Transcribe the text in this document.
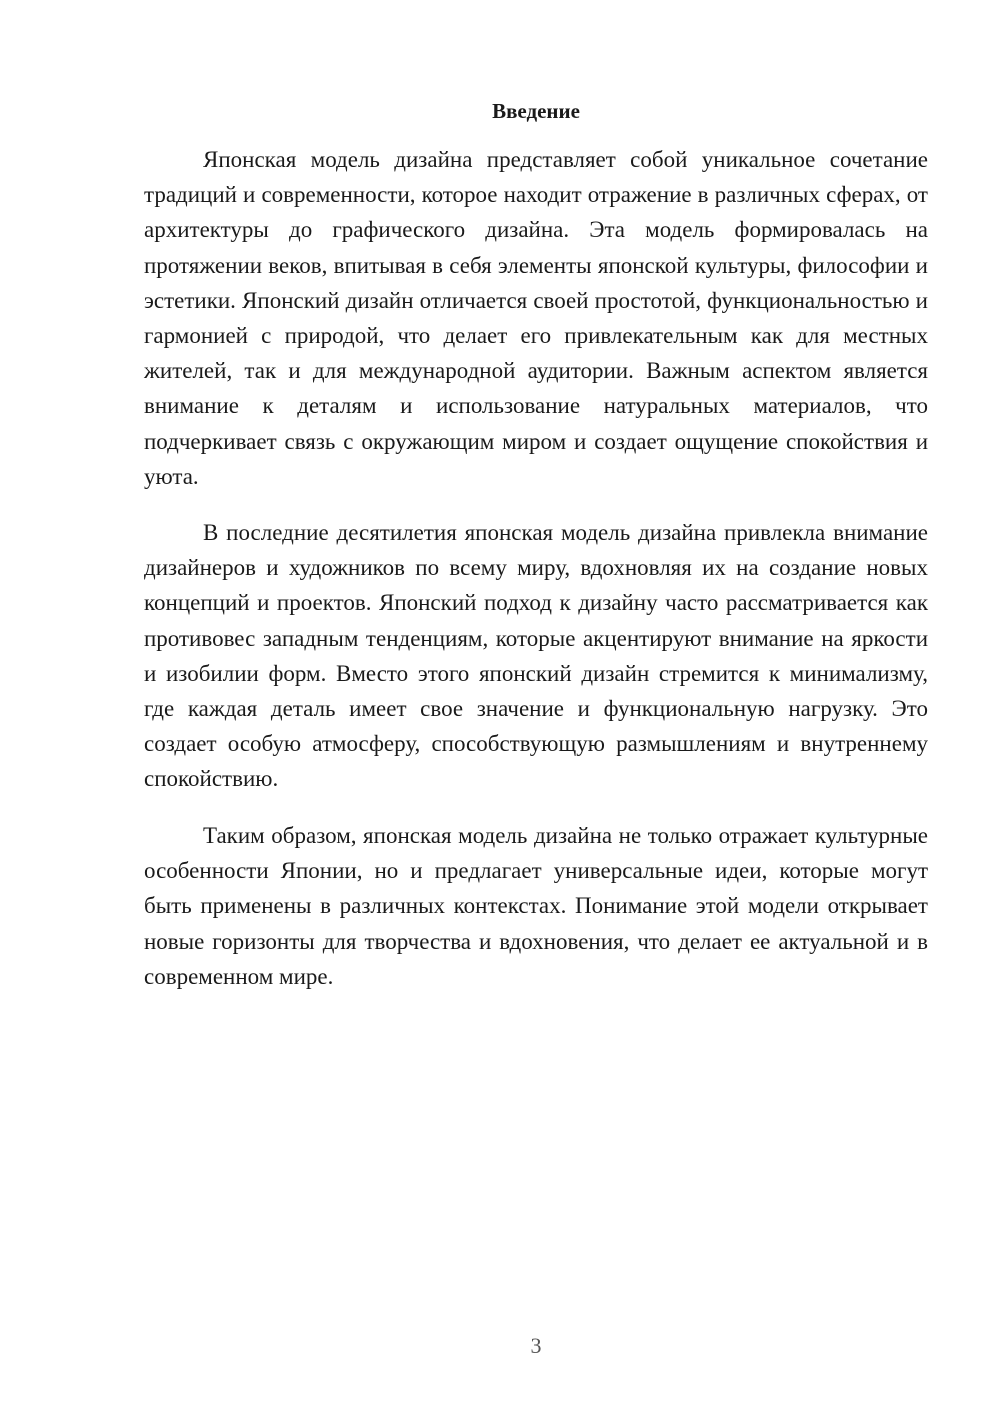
Введение

Японская модель дизайна представляет собой уникальное сочетание традиций и современности, которое находит отражение в различных сферах, от архитектуры до графического дизайна. Эта модель формировалась на протяжении веков, впитывая в себя элементы японской культуры, философии и эстетики. Японский дизайн отличается своей простотой, функциональностью и гармонией с природой, что делает его привлекательным как для местных жителей, так и для международной аудитории. Важным аспектом является внимание к деталям и использование натуральных материалов, что подчеркивает связь с окружающим миром и создает ощущение спокойствия и уюта.

В последние десятилетия японская модель дизайна привлекла внимание дизайнеров и художников по всему миру, вдохновляя их на создание новых концепций и проектов. Японский подход к дизайну часто рассматривается как противовес западным тенденциям, которые акцентируют внимание на яркости и изобилии форм. Вместо этого японский дизайн стремится к минимализму, где каждая деталь имеет свое значение и функциональную нагрузку. Это создает особую атмосферу, способствующую размышлениям и внутреннему спокойствию.

Таким образом, японская модель дизайна не только отражает культурные особенности Японии, но и предлагает универсальные идеи, которые могут быть применены в различных контекстах. Понимание этой модели открывает новые горизонты для творчества и вдохновения, что делает ее актуальной и в современном мире.

3
